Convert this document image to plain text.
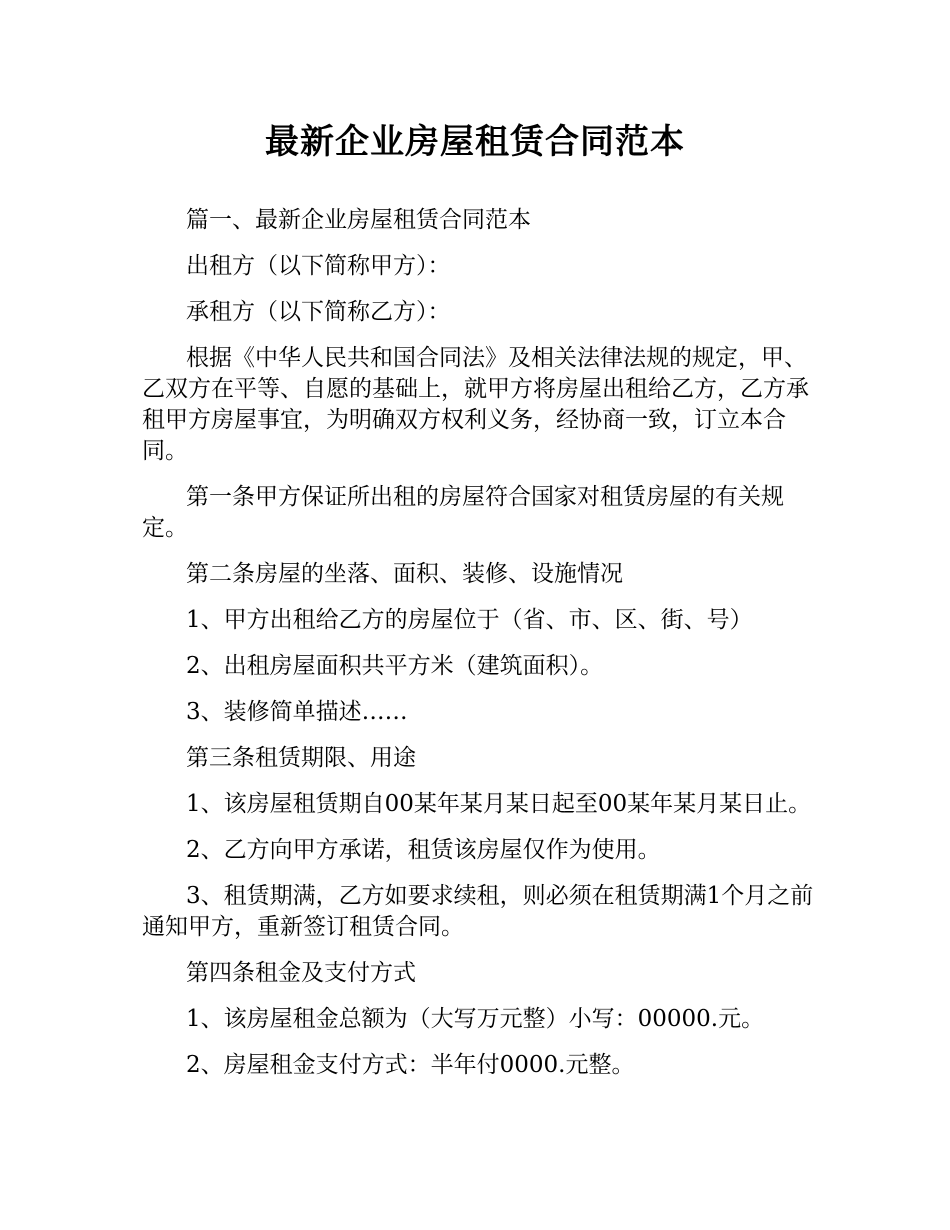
最新企业房屋租赁合同范本

篇一、最新企业房屋租赁合同范本

出租方（以下简称甲方）：

承租方（以下简称乙方）：

根据《中华人民共和国合同法》及相关法律法规的规定，甲、乙双方在平等、自愿的基础上，就甲方将房屋出租给乙方，乙方承租甲方房屋事宜，为明确双方权利义务，经协商一致，订立本合同。

第一条甲方保证所出租的房屋符合国家对租赁房屋的有关规定。

第二条房屋的坐落、面积、装修、设施情况

1、甲方出租给乙方的房屋位于（省、市、区、街、号）

2、出租房屋面积共平方米（建筑面积）。

3、装修简单描述……

第三条租赁期限、用途

1、该房屋租赁期自00某年某月某日起至00某年某月某日止。

2、乙方向甲方承诺，租赁该房屋仅作为使用。

3、租赁期满，乙方如要求续租，则必须在租赁期满1个月之前通知甲方，重新签订租赁合同。

第四条租金及支付方式

1、该房屋租金总额为（大写万元整）小写：00000.元。

2、房屋租金支付方式：半年付0000.元整。
